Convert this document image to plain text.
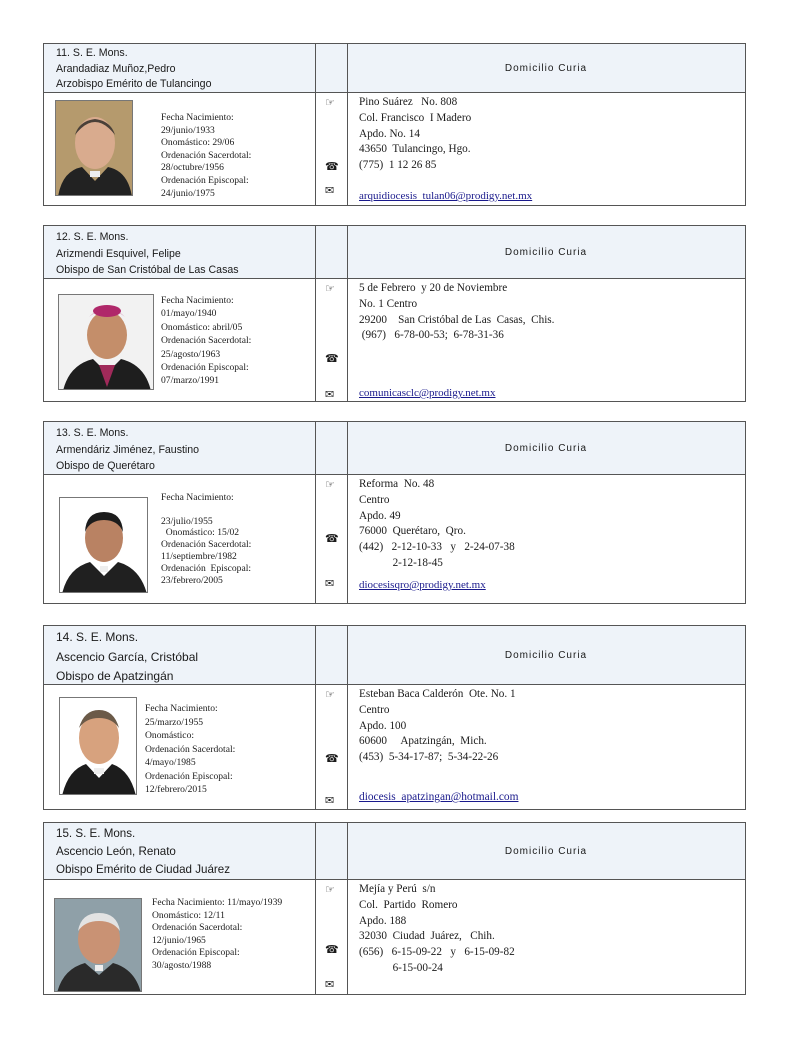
11. S. E. Mons.
Arandadiaz Muñoz,Pedro
Arzobispo Emérito de Tulancingo
Domicilio Curia
Fecha Nacimiento:
29/junio/1933
Onomástico: 29/06
Ordenación Sacerdotal:
28/octubre/1956
Ordenación Episcopal:
24/junio/1975
☞
☎
✉
Pino Suárez   No. 808
Col. Francisco  I Madero
Apdo. No. 14
43650  Tulancingo, Hgo.
(775)  1 12 26 85
arquidiocesis_tulan06@prodigy.net.mx
12. S. E. Mons.
Arizmendi Esquivel, Felipe
Obispo de San Cristóbal de Las Casas
Domicilio Curia
Fecha Nacimiento:
01/mayo/1940
Onomástico: abril/05
Ordenación Sacerdotal:
25/agosto/1963
Ordenación Episcopal:
07/marzo/1991
☞
☎
✉
5 de Febrero  y 20 de Noviembre
No. 1 Centro
29200    San Cristóbal de Las  Casas,  Chis.
(967)   6-78-00-53;  6-78-31-36
comunicasclc@prodigy.net.mx
13. S. E. Mons.
Armendáriz Jiménez, Faustino
Obispo de Querétaro
Domicilio Curia
Fecha Nacimiento:

23/julio/1955
Onomástico: 15/02
Ordenación Sacerdotal:
11/septiembre/1982
Ordenación  Episcopal:
23/febrero/2005
☞
☎
✉
Reforma  No. 48
Centro
Apdo. 49
76000  Querétaro,  Qro.
(442)   2-12-10-33   y   2-24-07-38
2-12-18-45
diocesisqro@prodigy.net.mx
14. S. E. Mons.
Ascencio García, Cristóbal
Obispo de Apatzingán
Domicilio Curia
Fecha Nacimiento:
25/marzo/1955
Onomástico:
Ordenación Sacerdotal:
4/mayo/1985
Ordenación Episcopal:
12/febrero/2015
☞
☎
✉
Esteban Baca Calderón  Ote. No. 1
Centro
Apdo. 100
60600     Apatzingán,  Mich.
(453)  5-34-17-87;  5-34-22-26
diocesis_apatzingan@hotmail.com
15. S. E. Mons.
Ascencio León, Renato
Obispo Emérito de Ciudad Juárez
Domicilio Curia
Fecha Nacimiento: 11/mayo/1939
Onomástico: 12/11
Ordenación Sacerdotal:
12/junio/1965
Ordenación Episcopal:
30/agosto/1988
☞
☎
✉
Mejía y Perú  s/n
Col.  Partido  Romero
Apdo. 188
32030  Ciudad  Juárez,   Chih.
(656)   6-15-09-22   y   6-15-09-82
6-15-00-24
